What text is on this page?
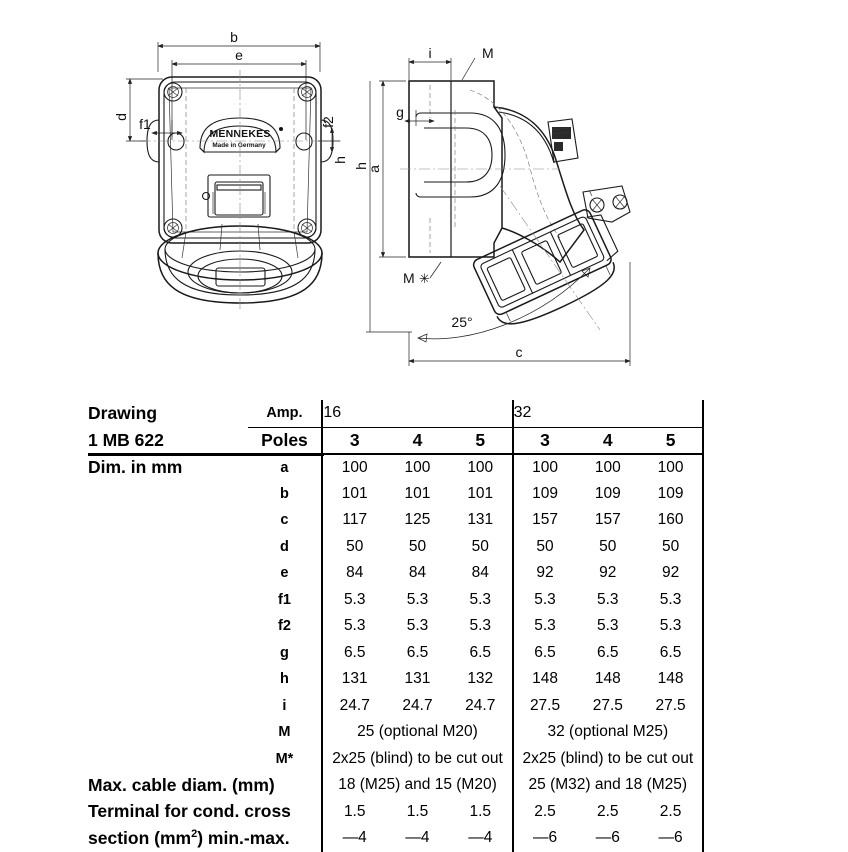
b
e
MENNEKES
Made in Germany
d f1	f2
h
i	M
a
h
g
M ✳
25°
c
Drawing	Amp.	16			32		
1 MB 622	Poles	3	4	5	3	4	5
Dim. in mm	a	100	100	100	100	100	100
	b	101	101	101	109	109	109
	c	117	125	131	157	157	160
	d	50	50	50	50	50	50
	e	84	84	84	92	92	92
	f1	5.3	5.3	5.3	5.3	5.3	5.3
	f2	5.3	5.3	5.3	5.3	5.3	5.3
	g	6.5	6.5	6.5	6.5	6.5	6.5
	h	131	131	132	148	148	148
	i	24.7	24.7	24.7	27.5	27.5	27.5
	M	25 (optional M20)			32 (optional M25)		
	M*	2x25 (blind) to be cut out			2x25 (blind) to be cut out		
Max. cable diam. (mm)		18 (M25) and 15 (M20)			25 (M32) and 18 (M25)		
Terminal for cond. cross		1.5	1.5	1.5	2.5	2.5	2.5
section $(mm^2)$ min.-max.		—4	—4	—4	—6	—6	—6
